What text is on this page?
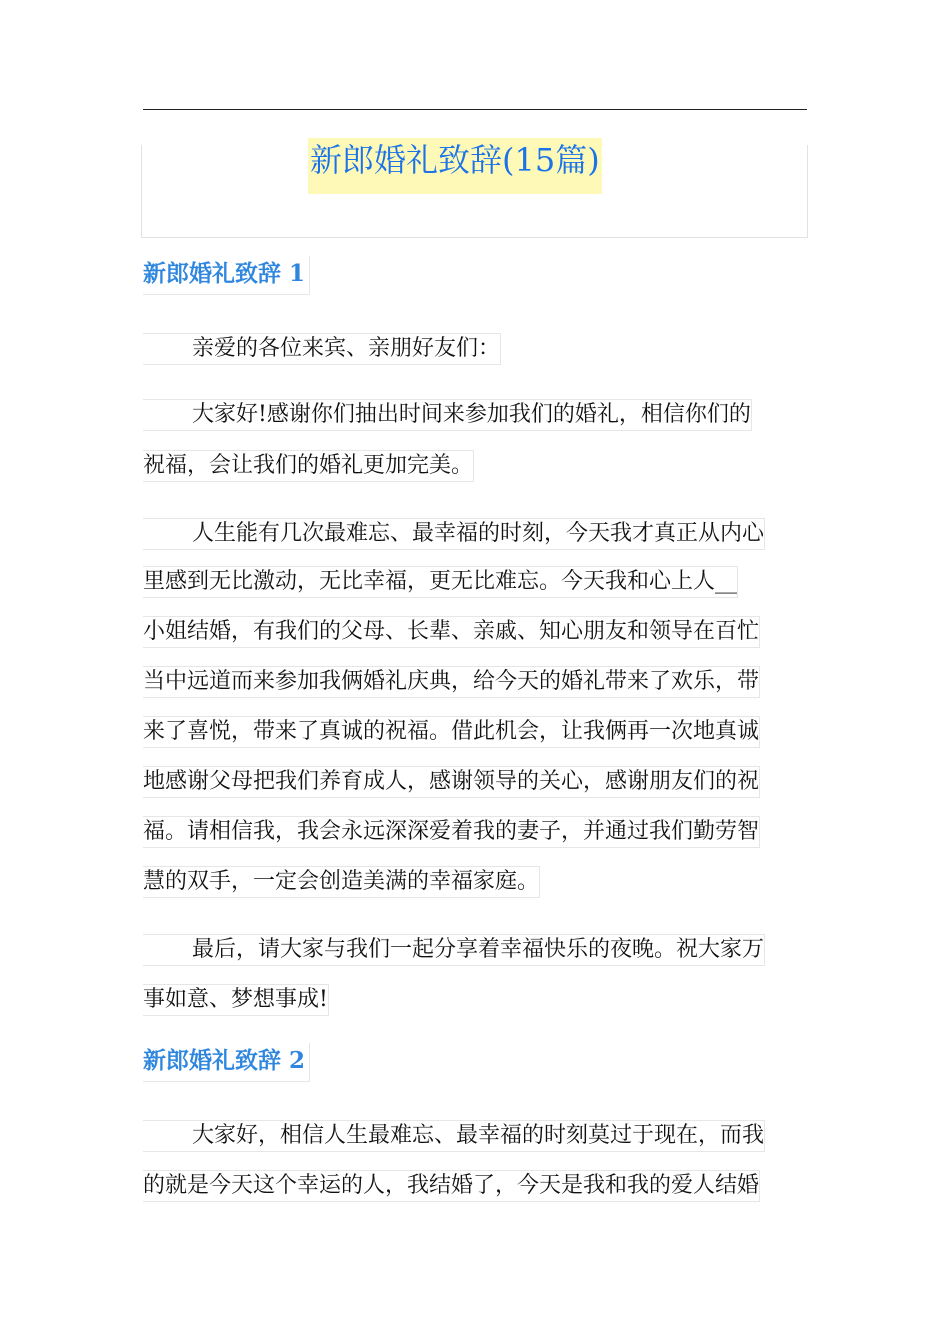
新郎婚礼致辞(15篇)
新郎婚礼致辞 1
亲爱的各位来宾、亲朋好友们：
大家好!感谢你们抽出时间来参加我们的婚礼，相信你们的
祝福，会让我们的婚礼更加完美。
人生能有几次最难忘、最幸福的时刻，今天我才真正从内心
里感到无比激动，无比幸福，更无比难忘。今天我和心上人__
小姐结婚，有我们的父母、长辈、亲戚、知心朋友和领导在百忙
当中远道而来参加我俩婚礼庆典，给今天的婚礼带来了欢乐，带
来了喜悦，带来了真诚的祝福。借此机会，让我俩再一次地真诚
地感谢父母把我们养育成人，感谢领导的关心，感谢朋友们的祝
福。请相信我，我会永远深深爱着我的妻子，并通过我们勤劳智
慧的双手，一定会创造美满的幸福家庭。
最后，请大家与我们一起分享着幸福快乐的夜晚。祝大家万
事如意、梦想事成!
新郎婚礼致辞 2
大家好，相信人生最难忘、最幸福的时刻莫过于现在，而我
的就是今天这个幸运的人，我结婚了，今天是我和我的爱人结婚
